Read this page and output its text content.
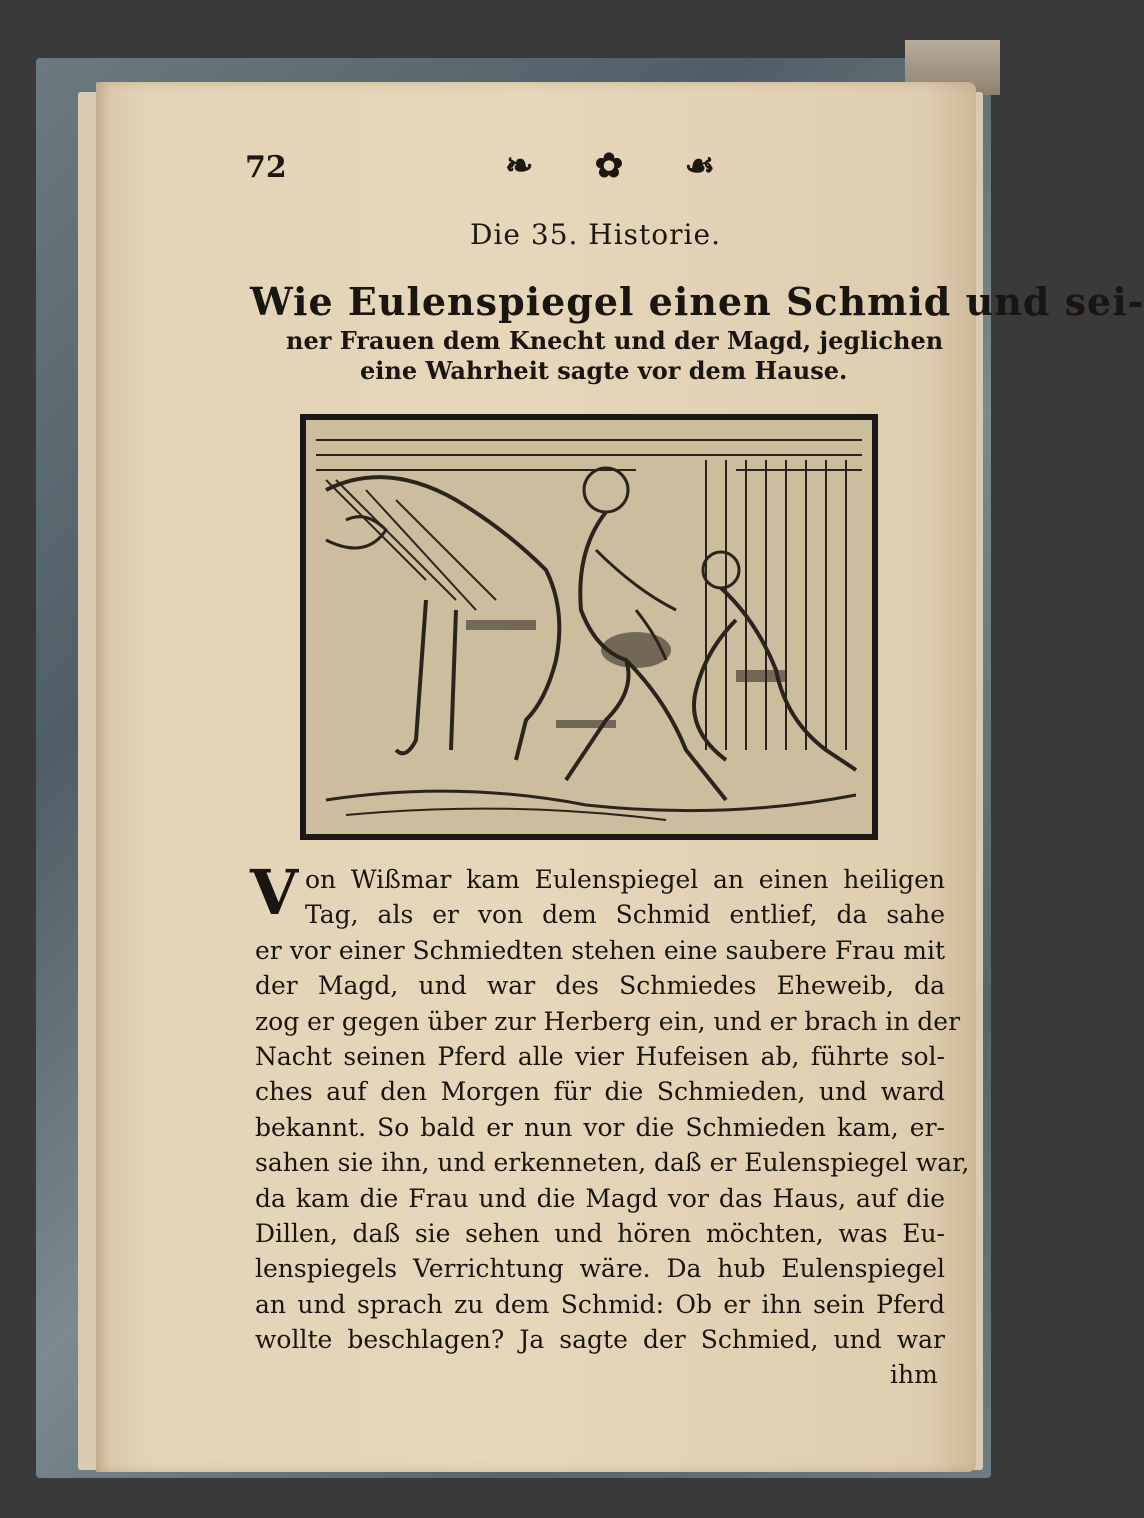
72	❧ ✿ ☙
Die 35. Historie.
Wie Eulenspiegel einen Schmid und sei-
ner Frauen dem Knecht und der Magd, jeglichen
eine Wahrheit sagte vor dem Hause.
V on Wißmar kam Eulenspiegel an einen heiligen
Tag, als er von dem Schmid entlief, da sahe
er vor einer Schmiedten stehen eine saubere Frau mit
der Magd, und war des Schmiedes Eheweib, da
zog er gegen über zur Herberg ein, und er brach in der
Nacht seinen Pferd alle vier Hufeisen ab, führte sol-
ches auf den Morgen für die Schmieden, und ward
bekannt. So bald er nun vor die Schmieden kam, er-
sahen sie ihn, und erkenneten, daß er Eulenspiegel war,
da kam die Frau und die Magd vor das Haus, auf die
Dillen, daß sie sehen und hören möchten, was Eu-
lenspiegels Verrichtung wäre. Da hub Eulenspiegel
an und sprach zu dem Schmid: Ob er ihn sein Pferd
wollte beschlagen? Ja sagte der Schmied, und war
ihm
